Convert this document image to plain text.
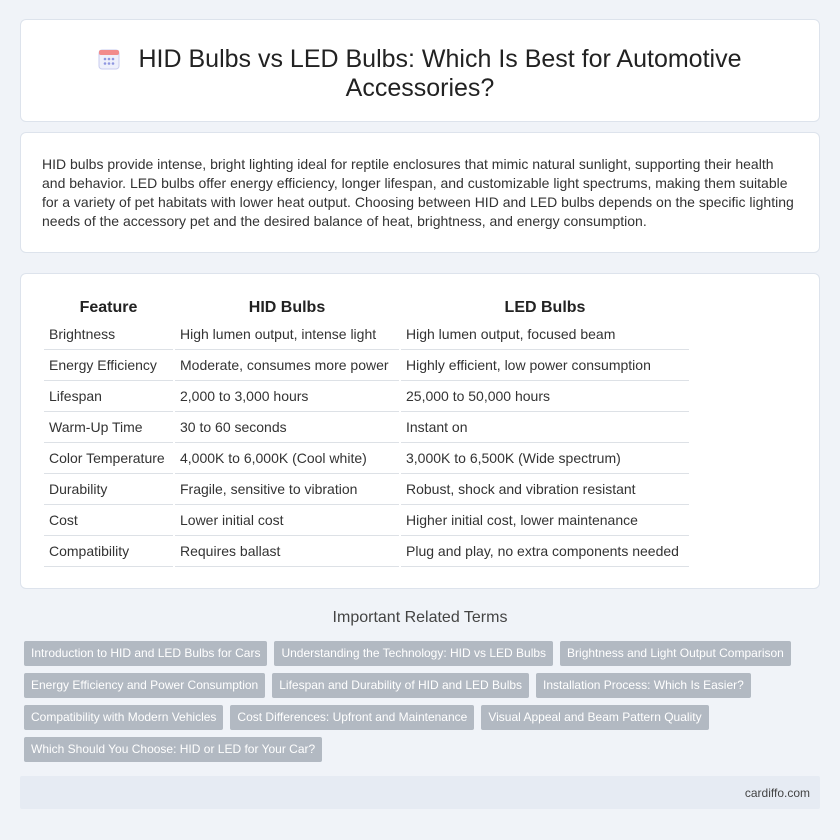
HID Bulbs vs LED Bulbs: Which Is Best for Automotive Accessories?

HID bulbs provide intense, bright lighting ideal for reptile enclosures that mimic natural sunlight, supporting their health and behavior. LED bulbs offer energy efficiency, longer lifespan, and customizable light spectrums, making them suitable for a variety of pet habitats with lower heat output. Choosing between HID and LED bulbs depends on the specific lighting needs of the accessory pet and the desired balance of heat, brightness, and energy consumption.

Feature	HID Bulbs	LED Bulbs
Brightness	High lumen output, intense light	High lumen output, focused beam
Energy Efficiency	Moderate, consumes more power	Highly efficient, low power consumption
Lifespan	2,000 to 3,000 hours	25,000 to 50,000 hours
Warm-Up Time	30 to 60 seconds	Instant on
Color Temperature	4,000K to 6,000K (Cool white)	3,000K to 6,500K (Wide spectrum)
Durability	Fragile, sensitive to vibration	Robust, shock and vibration resistant
Cost	Lower initial cost	Higher initial cost, lower maintenance
Compatibility	Requires ballast	Plug and play, no extra components needed
Important Related Terms
Introduction to HID and LED Bulbs for Cars Understanding the Technology: HID vs LED Bulbs Brightness and Light Output Comparison
Energy Efficiency and Power Consumption Lifespan and Durability of HID and LED Bulbs Installation Process: Which Is Easier?
Compatibility with Modern Vehicles Cost Differences: Upfront and Maintenance Visual Appeal and Beam Pattern Quality
Which Should You Choose: HID or LED for Your Car?
cardiffo.com
